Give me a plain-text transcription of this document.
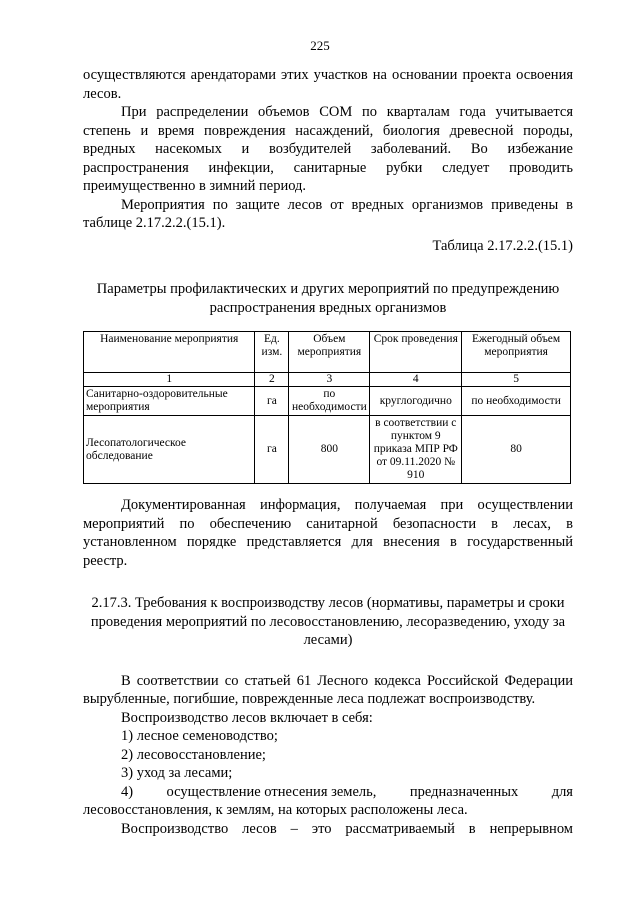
225

осуществляются арендаторами этих участков на основании проекта освоения лесов.

При распределении объемов СОМ по кварталам года учитывается степень и время повреждения насаждений, биология древесной породы, вредных насекомых и возбудителей заболеваний. Во избежание распространения инфекции, санитарные рубки следует проводить преимущественно в зимний период.

Мероприятия по защите лесов от вредных организмов приведены в таблице 2.17.2.2.(15.1).

Таблица 2.17.2.2.(15.1)

Параметры профилактических и других мероприятий по предупреждению распространения вредных организмов

Наименование мероприятия	Ед. изм.	Объем мероприятия	Срок проведения	Ежегодный объем мероприятия
1	2	3	4	5
Санитарно-оздоровительные мероприятия	га	по необходимости	круглогодично	по необходимости
Лесопатологическое обследование	га	800	в соответствии с пунктом 9 приказа МПР РФ от 09.11.2020 № 910	80

Документированная информация, получаемая при осуществлении мероприятий по обеспечению санитарной безопасности в лесах, в установленном порядке представляется для внесения в государственный реестр.

2.17.3. Требования к воспроизводству лесов (нормативы, параметры и сроки проведения мероприятий по лесовосстановлению, лесоразведению, уходу за лесами)

В соответствии со статьей 61 Лесного кодекса Российской Федерации вырубленные, погибшие, поврежденные леса подлежат воспроизводству.

Воспроизводство лесов включает в себя:

1) лесное семеноводство;

2) лесовосстановление;

3) уход за лесами;

4) осуществление отнесения земель, предназначенных для

лесовосстановления, к землям, на которых расположены леса.

Воспроизводство лесов – это рассматриваемый в непрерывном
